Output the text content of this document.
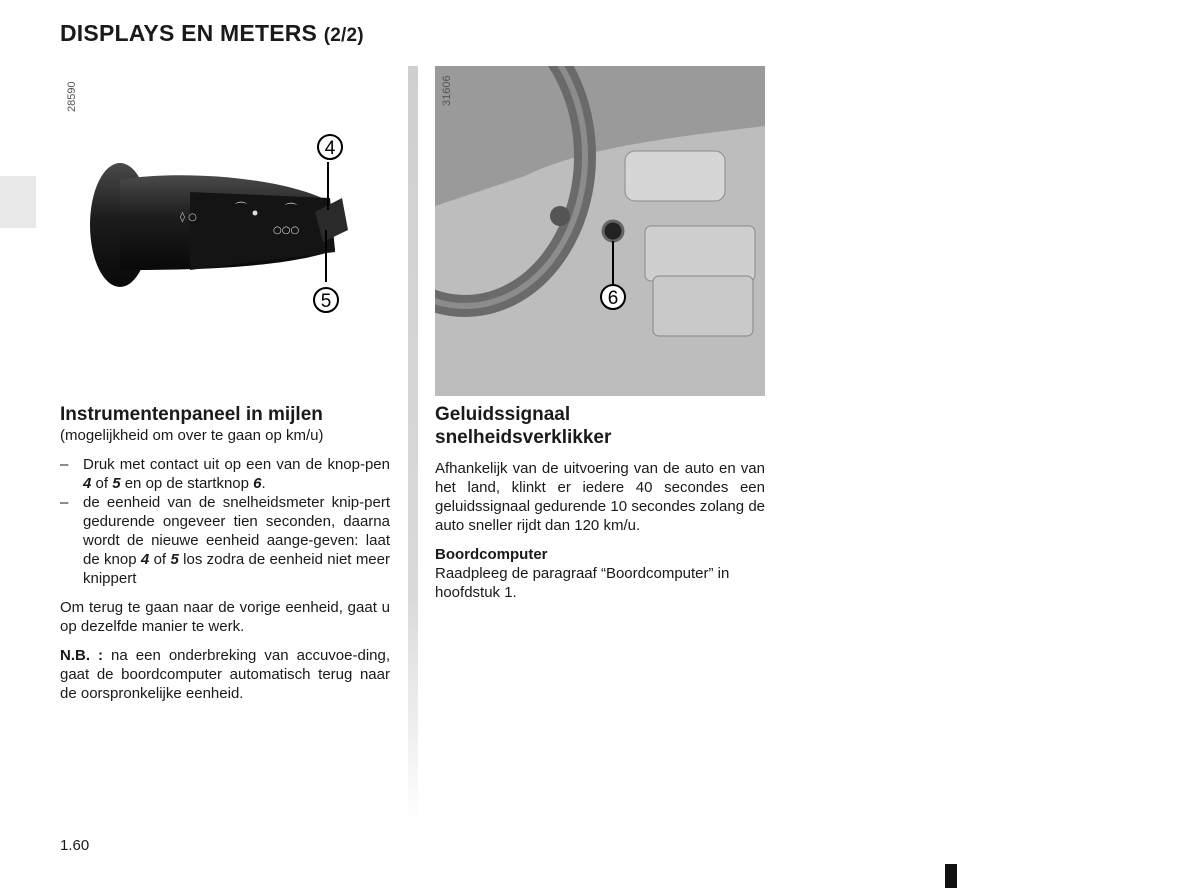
DISPLAYS EN METERS (2/2)
28590
⌒	⌒
○○○
◊ ○
4
5	6
31606
Instrumentenpaneel in mijlen
(mogelijkheid om over te gaan op km/u)
– Druk met contact uit op een van de knop-pen 4 of 5 en op de startknop 6.
– de eenheid van de snelheidsmeter knip-pert gedurende ongeveer tien seconden, daarna wordt de nieuwe eenheid aange-geven: laat de knop 4 of 5 los zodra de eenheid niet meer knippert
Om terug te gaan naar de vorige eenheid, gaat u op dezelfde manier te werk.
N.B. : na een onderbreking van accuvoe-ding, gaat de boordcomputer automatisch terug naar de oorspronkelijke eenheid.
Geluidssignaal
snelheidsverklikker
Afhankelijk van de uitvoering van de auto en van het land, klinkt er iedere 40 secondes een geluidssignaal gedurende 10 secondes zolang de auto sneller rijdt dan 120 km/u.
Boordcomputer
Raadpleeg de paragraaf “Boordcomputer” in hoofdstuk 1.
1.60
